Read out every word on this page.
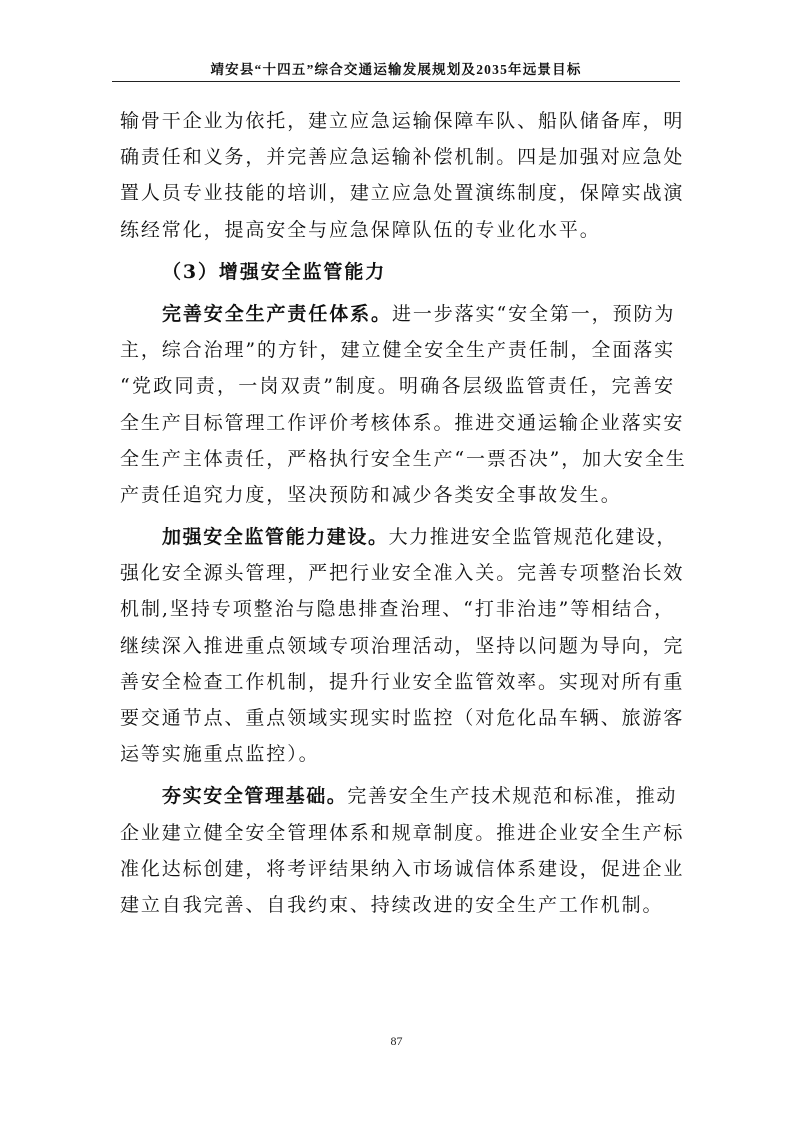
靖安县“十四五”综合交通运输发展规划及2035年远景目标
输骨干企业为依托，建立应急运输保障车队、船队储备库，明
确责任和义务，并完善应急运输补偿机制。四是加强对应急处
置人员专业技能的培训，建立应急处置演练制度，保障实战演
练经常化，提高安全与应急保障队伍的专业化水平。
（3）增强安全监管能力
完善安全生产责任体系。进一步落实“安全第一，预防为
主，综合治理”的方针，建立健全安全生产责任制，全面落实
“党政同责，一岗双责”制度。明确各层级监管责任，完善安
全生产目标管理工作评价考核体系。推进交通运输企业落实安
全生产主体责任，严格执行安全生产“一票否决”，加大安全生
产责任追究力度，坚决预防和减少各类安全事故发生。
加强安全监管能力建设。大力推进安全监管规范化建设，
强化安全源头管理，严把行业安全准入关。完善专项整治长效
机制,坚持专项整治与隐患排查治理、“打非治违”等相结合，
继续深入推进重点领域专项治理活动，坚持以问题为导向，完
善安全检查工作机制，提升行业安全监管效率。实现对所有重
要交通节点、重点领域实现实时监控（对危化品车辆、旅游客
运等实施重点监控）。
夯实安全管理基础。完善安全生产技术规范和标准，推动
企业建立健全安全管理体系和规章制度。推进企业安全生产标
准化达标创建，将考评结果纳入市场诚信体系建设，促进企业
建立自我完善、自我约束、持续改进的安全生产工作机制。
87
